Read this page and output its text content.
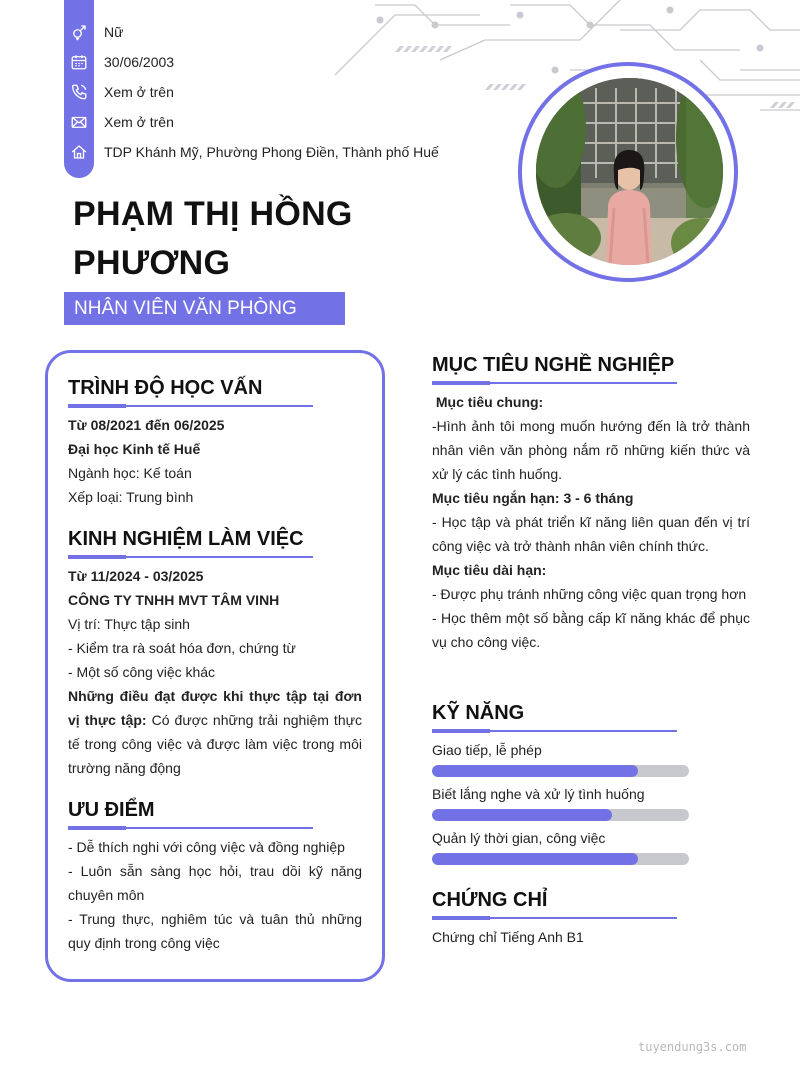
Nữ
30/06/2003
Xem ở trên
Xem ở trên
TDP Khánh Mỹ, Phường Phong Điền, Thành phố Huế
PHẠM THỊ HỒNG
PHƯƠNG
NHÂN VIÊN VĂN PHÒNG
TRÌNH ĐỘ HỌC VẤN
Từ 08/2021 đến 06/2025
Đại học Kinh tế Huế
Ngành học: Kế toán
Xếp loại: Trung bình
KINH NGHIỆM LÀM VIỆC
Từ 11/2024 - 03/2025
CÔNG TY TNHH MVT TÂM VINH
Vị trí: Thực tập sinh
- Kiểm tra rà soát hóa đơn, chứng từ
- Một số công việc khác
Những điều đạt được khi thực tập tại đơn vị thực tập: Có được những trải nghiệm thực tế trong công việc và được làm việc trong môi trường năng động
ƯU ĐIỂM
- Dễ thích nghi với công việc và đồng nghiệp
- Luôn sẵn sàng học hỏi, trau dồi kỹ năng chuyên môn
- Trung thực, nghiêm túc và tuân thủ những quy định trong công việc
MỤC TIÊU NGHỀ NGHIỆP
Mục tiêu chung:
-Hình ảnh tôi mong muốn hướng đến là trở thành nhân viên văn phòng nắm rõ những kiến thức và xử lý các tình huống.
Mục tiêu ngắn hạn: 3 - 6 tháng
- Học tập và phát triển kĩ năng liên quan đến vị trí công việc và trở thành nhân viên chính thức.
Mục tiêu dài hạn:
- Được phụ tránh những công việc quan trọng hơn
- Học thêm một số bằng cấp kĩ năng khác để phục vụ cho công việc.
KỸ NĂNG
Giao tiếp, lễ phép
Biết lắng nghe và xử lý tình huống
Quản lý thời gian, công việc
CHỨNG CHỈ
Chứng chỉ Tiếng Anh B1
tuyendung3s.com
